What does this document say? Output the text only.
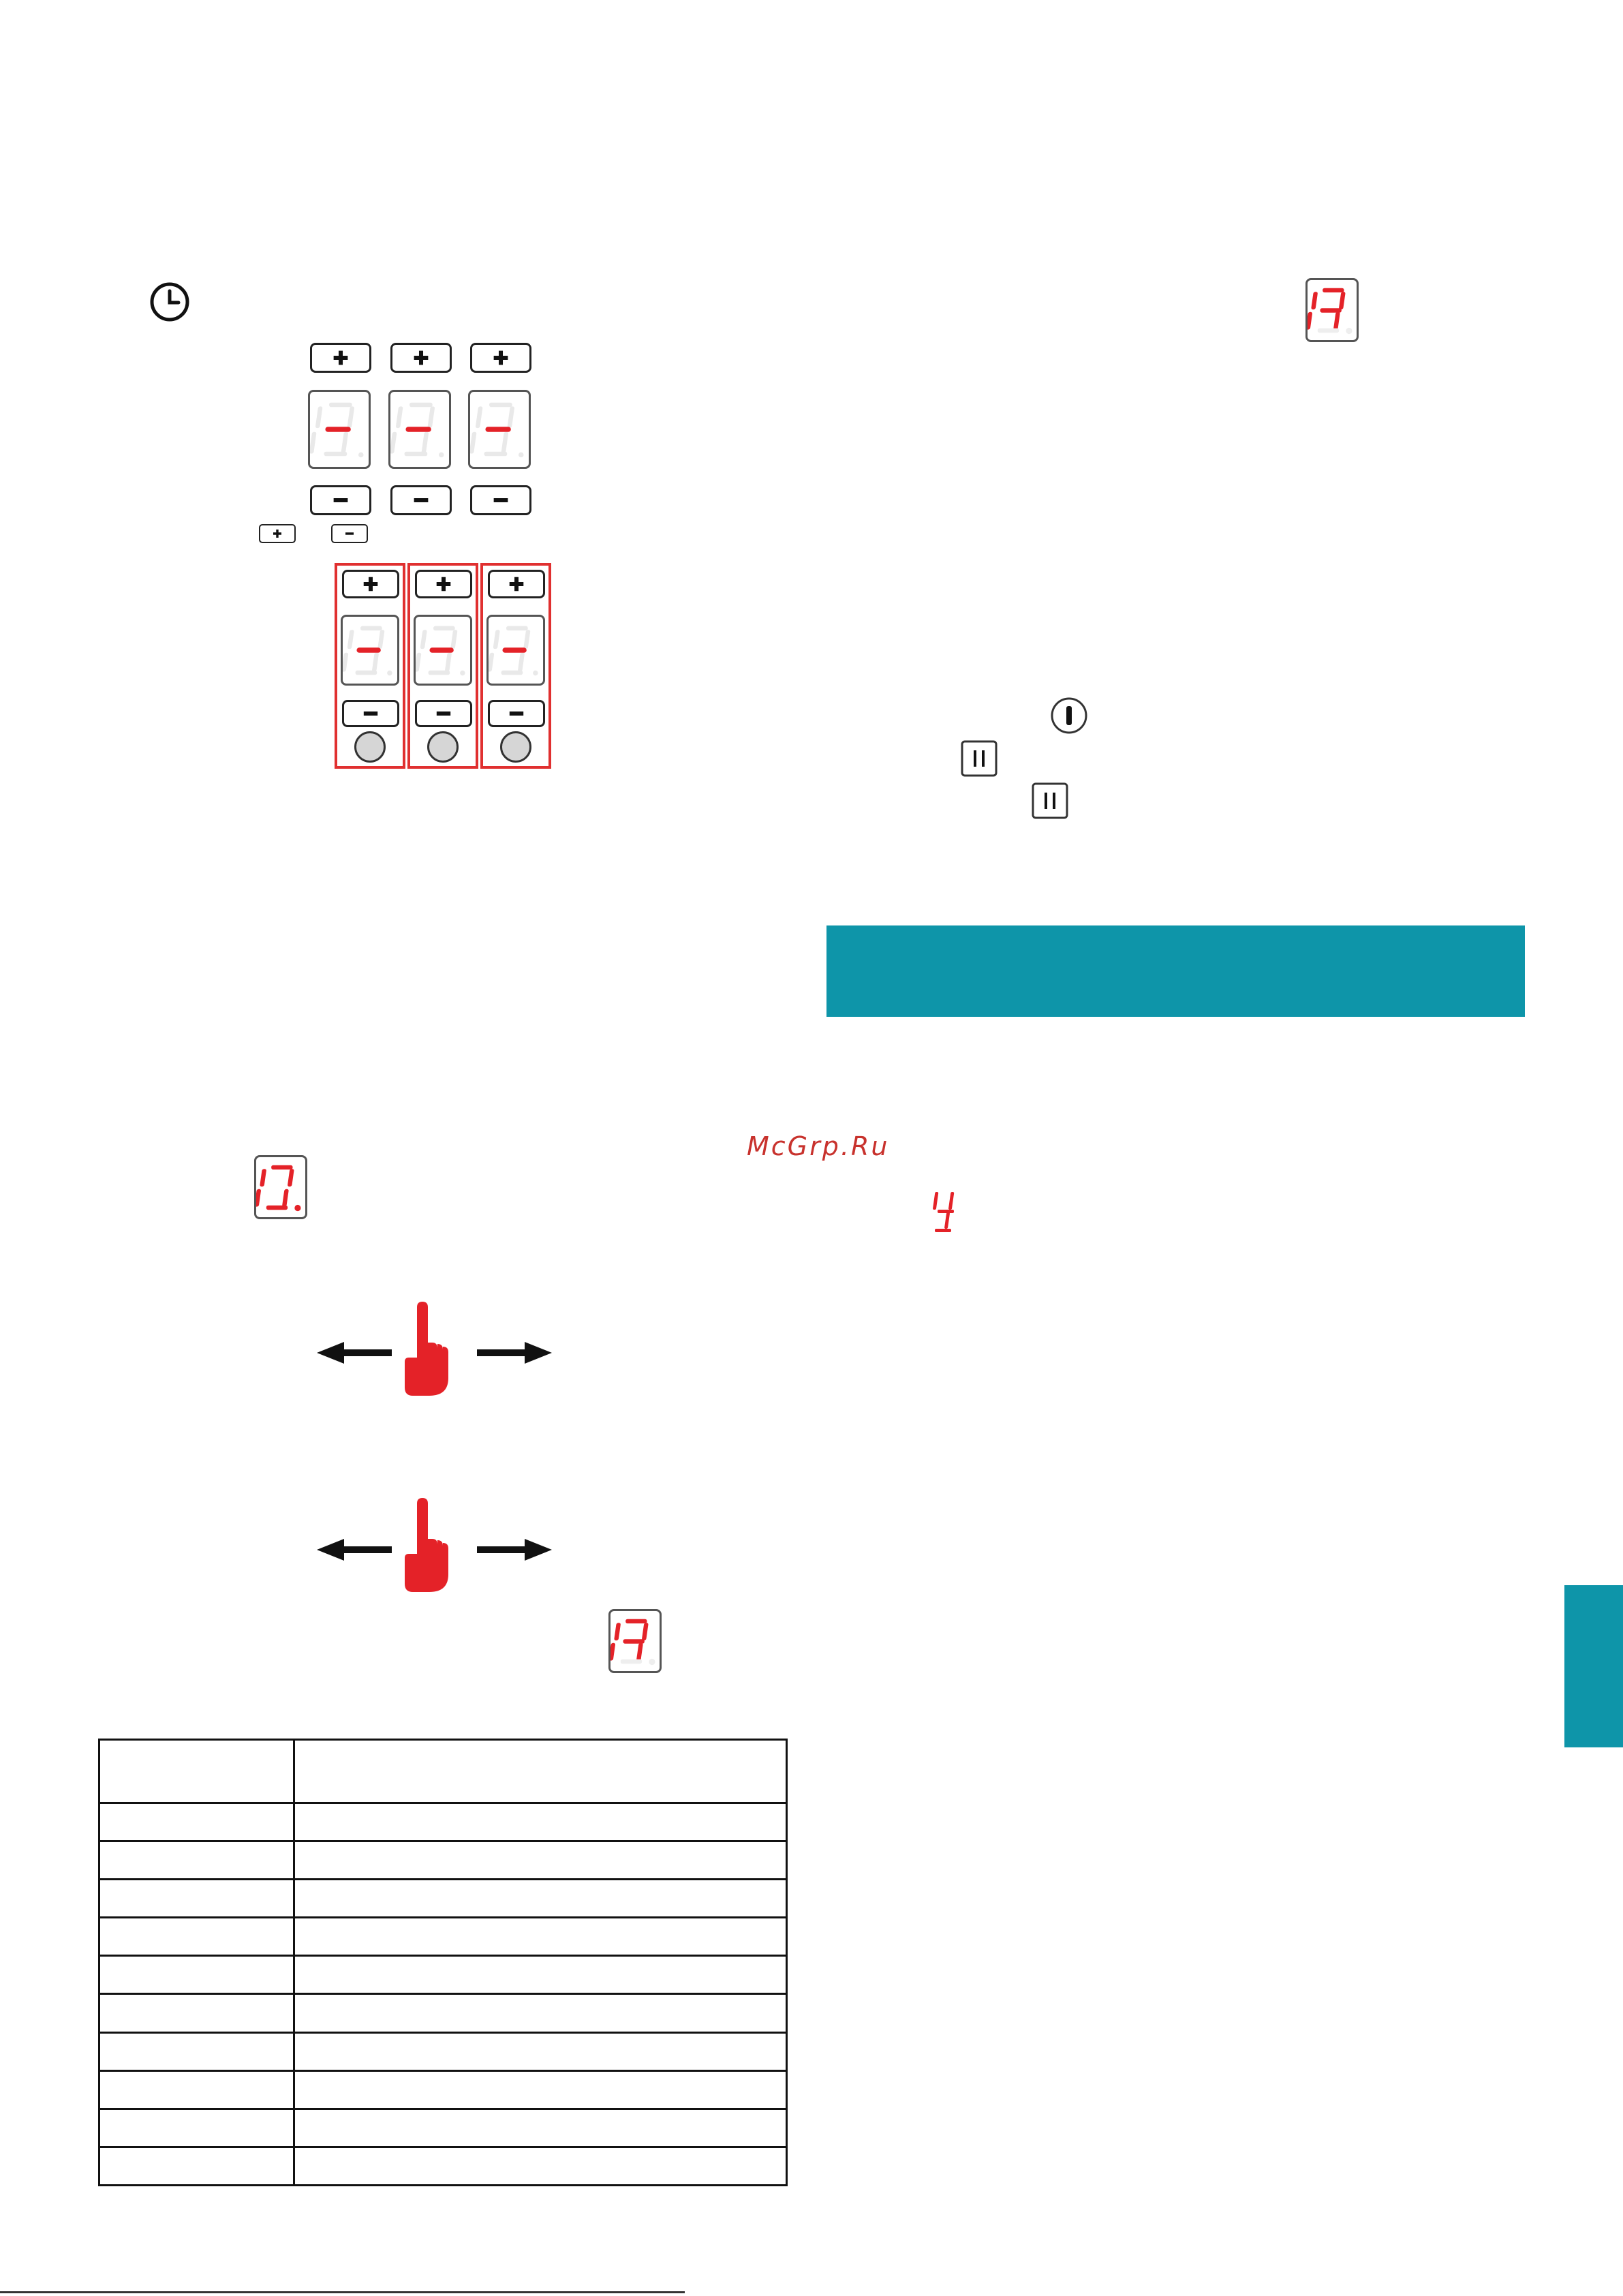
-	-	-
-	-	-
McGrp.Ru
0.
A

A
Y
